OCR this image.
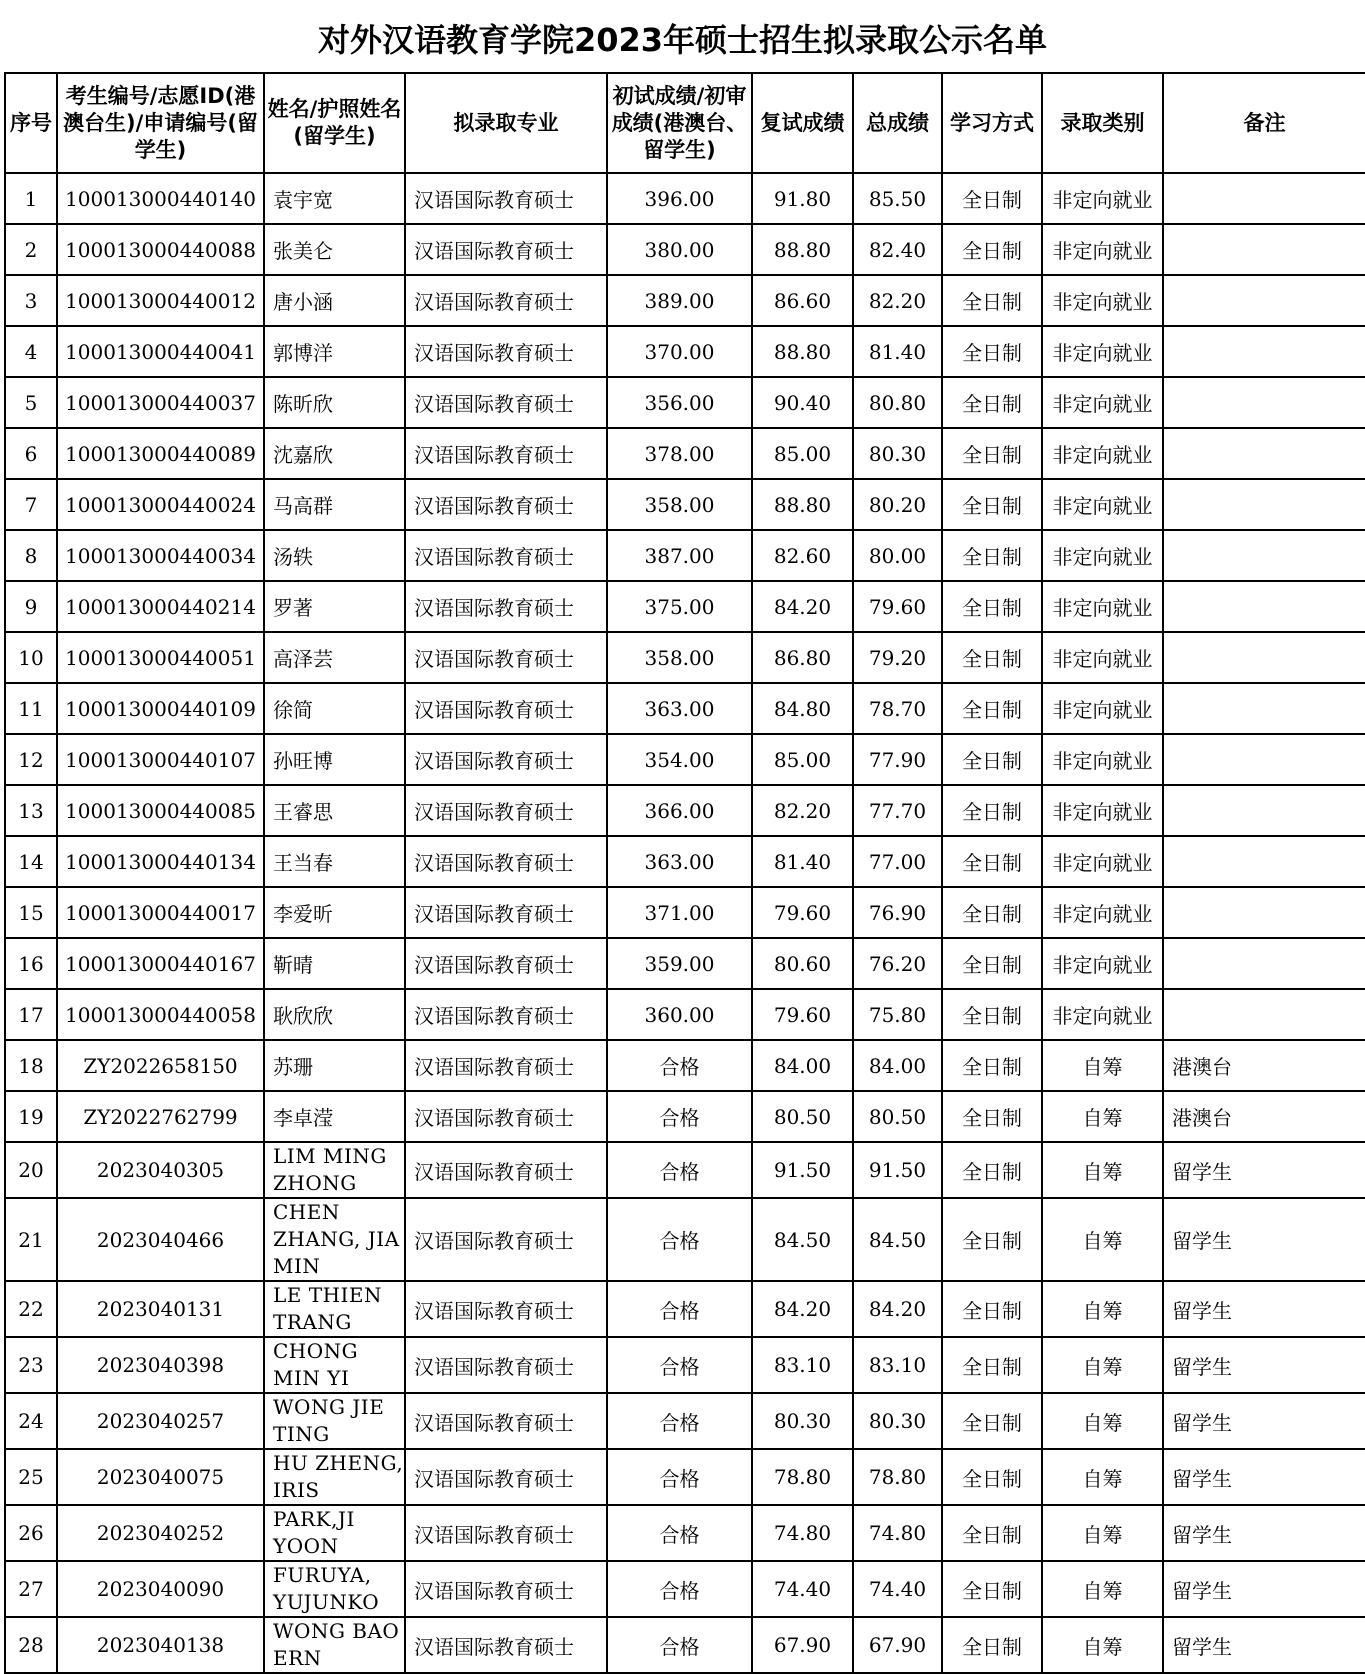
对外汉语教育学院2023年硕士招生拟录取公示名单
序号	考生编号/志愿ID(港澳台生)/申请编号(留学生)	姓名/护照姓名(留学生)	拟录取专业	初试成绩/初审成绩(港澳台、留学生)	复试成绩	总成绩	学习方式	录取类别	备注
1	100013000440140	袁宇宽	汉语国际教育硕士	396.00	91.80	85.50	全日制	非定向就业	
2	100013000440088	张美仑	汉语国际教育硕士	380.00	88.80	82.40	全日制	非定向就业	
3	100013000440012	唐小涵	汉语国际教育硕士	389.00	86.60	82.20	全日制	非定向就业	
4	100013000440041	郭博洋	汉语国际教育硕士	370.00	88.80	81.40	全日制	非定向就业	
5	100013000440037	陈昕欣	汉语国际教育硕士	356.00	90.40	80.80	全日制	非定向就业	
6	100013000440089	沈嘉欣	汉语国际教育硕士	378.00	85.00	80.30	全日制	非定向就业	
7	100013000440024	马高群	汉语国际教育硕士	358.00	88.80	80.20	全日制	非定向就业	
8	100013000440034	汤轶	汉语国际教育硕士	387.00	82.60	80.00	全日制	非定向就业	
9	100013000440214	罗著	汉语国际教育硕士	375.00	84.20	79.60	全日制	非定向就业	
10	100013000440051	高泽芸	汉语国际教育硕士	358.00	86.80	79.20	全日制	非定向就业	
11	100013000440109	徐简	汉语国际教育硕士	363.00	84.80	78.70	全日制	非定向就业	
12	100013000440107	孙旺博	汉语国际教育硕士	354.00	85.00	77.90	全日制	非定向就业	
13	100013000440085	王睿思	汉语国际教育硕士	366.00	82.20	77.70	全日制	非定向就业	
14	100013000440134	王当春	汉语国际教育硕士	363.00	81.40	77.00	全日制	非定向就业	
15	100013000440017	李爱昕	汉语国际教育硕士	371.00	79.60	76.90	全日制	非定向就业	
16	100013000440167	靳晴	汉语国际教育硕士	359.00	80.60	76.20	全日制	非定向就业	
17	100013000440058	耿欣欣	汉语国际教育硕士	360.00	79.60	75.80	全日制	非定向就业	
18	ZY2022658150	苏珊	汉语国际教育硕士	合格	84.00	84.00	全日制	自筹	港澳台
19	ZY2022762799	李卓滢	汉语国际教育硕士	合格	80.50	80.50	全日制	自筹	港澳台
20	2023040305	LIM MING ZHONG	汉语国际教育硕士	合格	91.50	91.50	全日制	自筹	留学生
21	2023040466	CHEN ZHANG, JIA MIN	汉语国际教育硕士	合格	84.50	84.50	全日制	自筹	留学生
22	2023040131	LE THIEN TRANG	汉语国际教育硕士	合格	84.20	84.20	全日制	自筹	留学生
23	2023040398	CHONG MIN YI	汉语国际教育硕士	合格	83.10	83.10	全日制	自筹	留学生
24	2023040257	WONG JIE TING	汉语国际教育硕士	合格	80.30	80.30	全日制	自筹	留学生
25	2023040075	HU ZHENG, IRIS	汉语国际教育硕士	合格	78.80	78.80	全日制	自筹	留学生
26	2023040252	PARK,JI YOON	汉语国际教育硕士	合格	74.80	74.80	全日制	自筹	留学生
27	2023040090	FURUYA, YUJUNKO	汉语国际教育硕士	合格	74.40	74.40	全日制	自筹	留学生
28	2023040138	WONG BAO ERN	汉语国际教育硕士	合格	67.90	67.90	全日制	自筹	留学生
